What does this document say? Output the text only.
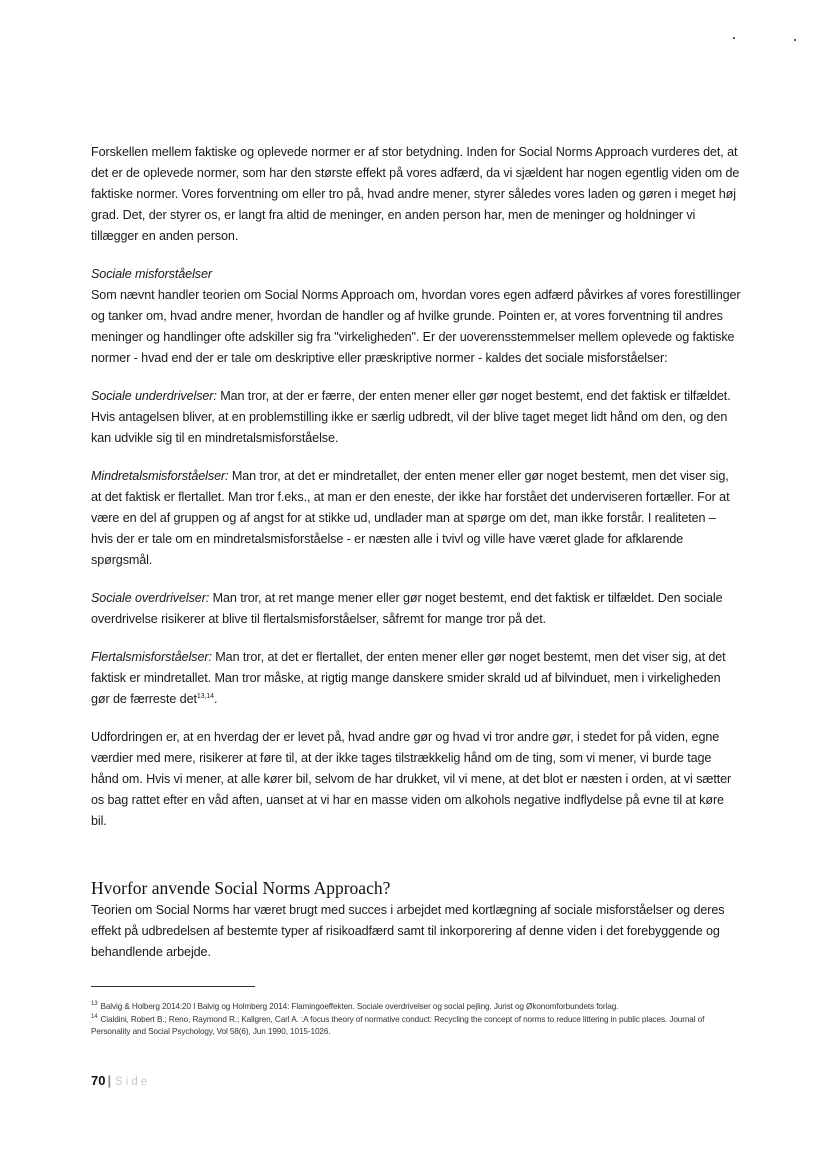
Forskellen mellem faktiske og oplevede normer er af stor betydning. Inden for Social Norms Approach vurderes det, at det er de oplevede normer, som har den største effekt på vores adfærd, da vi sjældent har nogen egentlig viden om de faktiske normer. Vores forventning om eller tro på, hvad andre mener, styrer således vores laden og gøren i meget høj grad. Det, der styrer os, er langt fra altid de meninger, en anden person har, men de meninger og holdninger vi tillægger en anden person.

Sociale misforståelser
Som nævnt handler teorien om Social Norms Approach om, hvordan vores egen adfærd påvirkes af vores forestillinger og tanker om, hvad andre mener, hvordan de handler og af hvilke grunde. Pointen er, at vores forventning til andres meninger og handlinger ofte adskiller sig fra "virkeligheden". Er der uoverensstemmelser mellem oplevede og faktiske normer - hvad end der er tale om deskriptive eller præskriptive normer - kaldes det sociale misforståelser:

Sociale underdrivelser: Man tror, at der er færre, der enten mener eller gør noget bestemt, end det faktisk er tilfældet. Hvis antagelsen bliver, at en problemstilling ikke er særlig udbredt, vil der blive taget meget lidt hånd om den, og den kan udvikle sig til en mindretalsmisforståelse.

Mindretalsmisforståelser: Man tror, at det er mindretallet, der enten mener eller gør noget bestemt, men det viser sig, at det faktisk er flertallet. Man tror f.eks., at man er den eneste, der ikke har forstået det underviseren fortæller. For at være en del af gruppen og af angst for at stikke ud, undlader man at spørge om det, man ikke forstår. I realiteten – hvis der er tale om en mindretalsmisforståelse - er næsten alle i tvivl og ville have været glade for afklarende spørgsmål.

Sociale overdrivelser: Man tror, at ret mange mener eller gør noget bestemt, end det faktisk er tilfældet. Den sociale overdrivelse risikerer at blive til flertalsmisforståelser, såfremt for mange tror på det.

Flertalsmisforståelser: Man tror, at det er flertallet, der enten mener eller gør noget bestemt, men det viser sig, at det faktisk er mindretallet. Man tror måske, at rigtig mange danskere smider skrald ud af bilvinduet, men i virkeligheden gør de færreste $\det^{13,14}$.

Udfordringen er, at en hverdag der er levet på, hvad andre gør og hvad vi tror andre gør, i stedet for på viden, egne værdier med mere, risikerer at føre til, at der ikke tages tilstrækkelig hånd om de ting, som vi mener, vi burde tage hånd om. Hvis vi mener, at alle kører bil, selvom de har drukket, vil vi mene, at det blot er næsten i orden, at vi sætter os bag rattet efter en våd aften, uanset at vi har en masse viden om alkohols negative indflydelse på evne til at køre bil.

Hvorfor anvende Social Norms Approach?

Teorien om Social Norms har været brugt med succes i arbejdet med kortlægning af sociale misforståelser og deres effekt på udbredelsen af bestemte typer af risikoadfærd samt til inkorporering af denne viden i det forebyggende og behandlende arbejde.

$^{13}$ Balvig & Holberg 2014:20 I Balvig og Holmberg 2014: Flamingoeffekten. Sociale overdrivelser og social pejling. Jurist og Økonomforbundets forlag.

$^{14}$ Cialdini, Robert B.; Reno, Raymond R.; Kallgren, Carl A. :A focus theory of normative conduct: Recycling the concept of norms to reduce littering in public places. Journal of Personality and Social Psychology, Vol 58(6), Jun 1990, 1015-1026.

70 | Side
